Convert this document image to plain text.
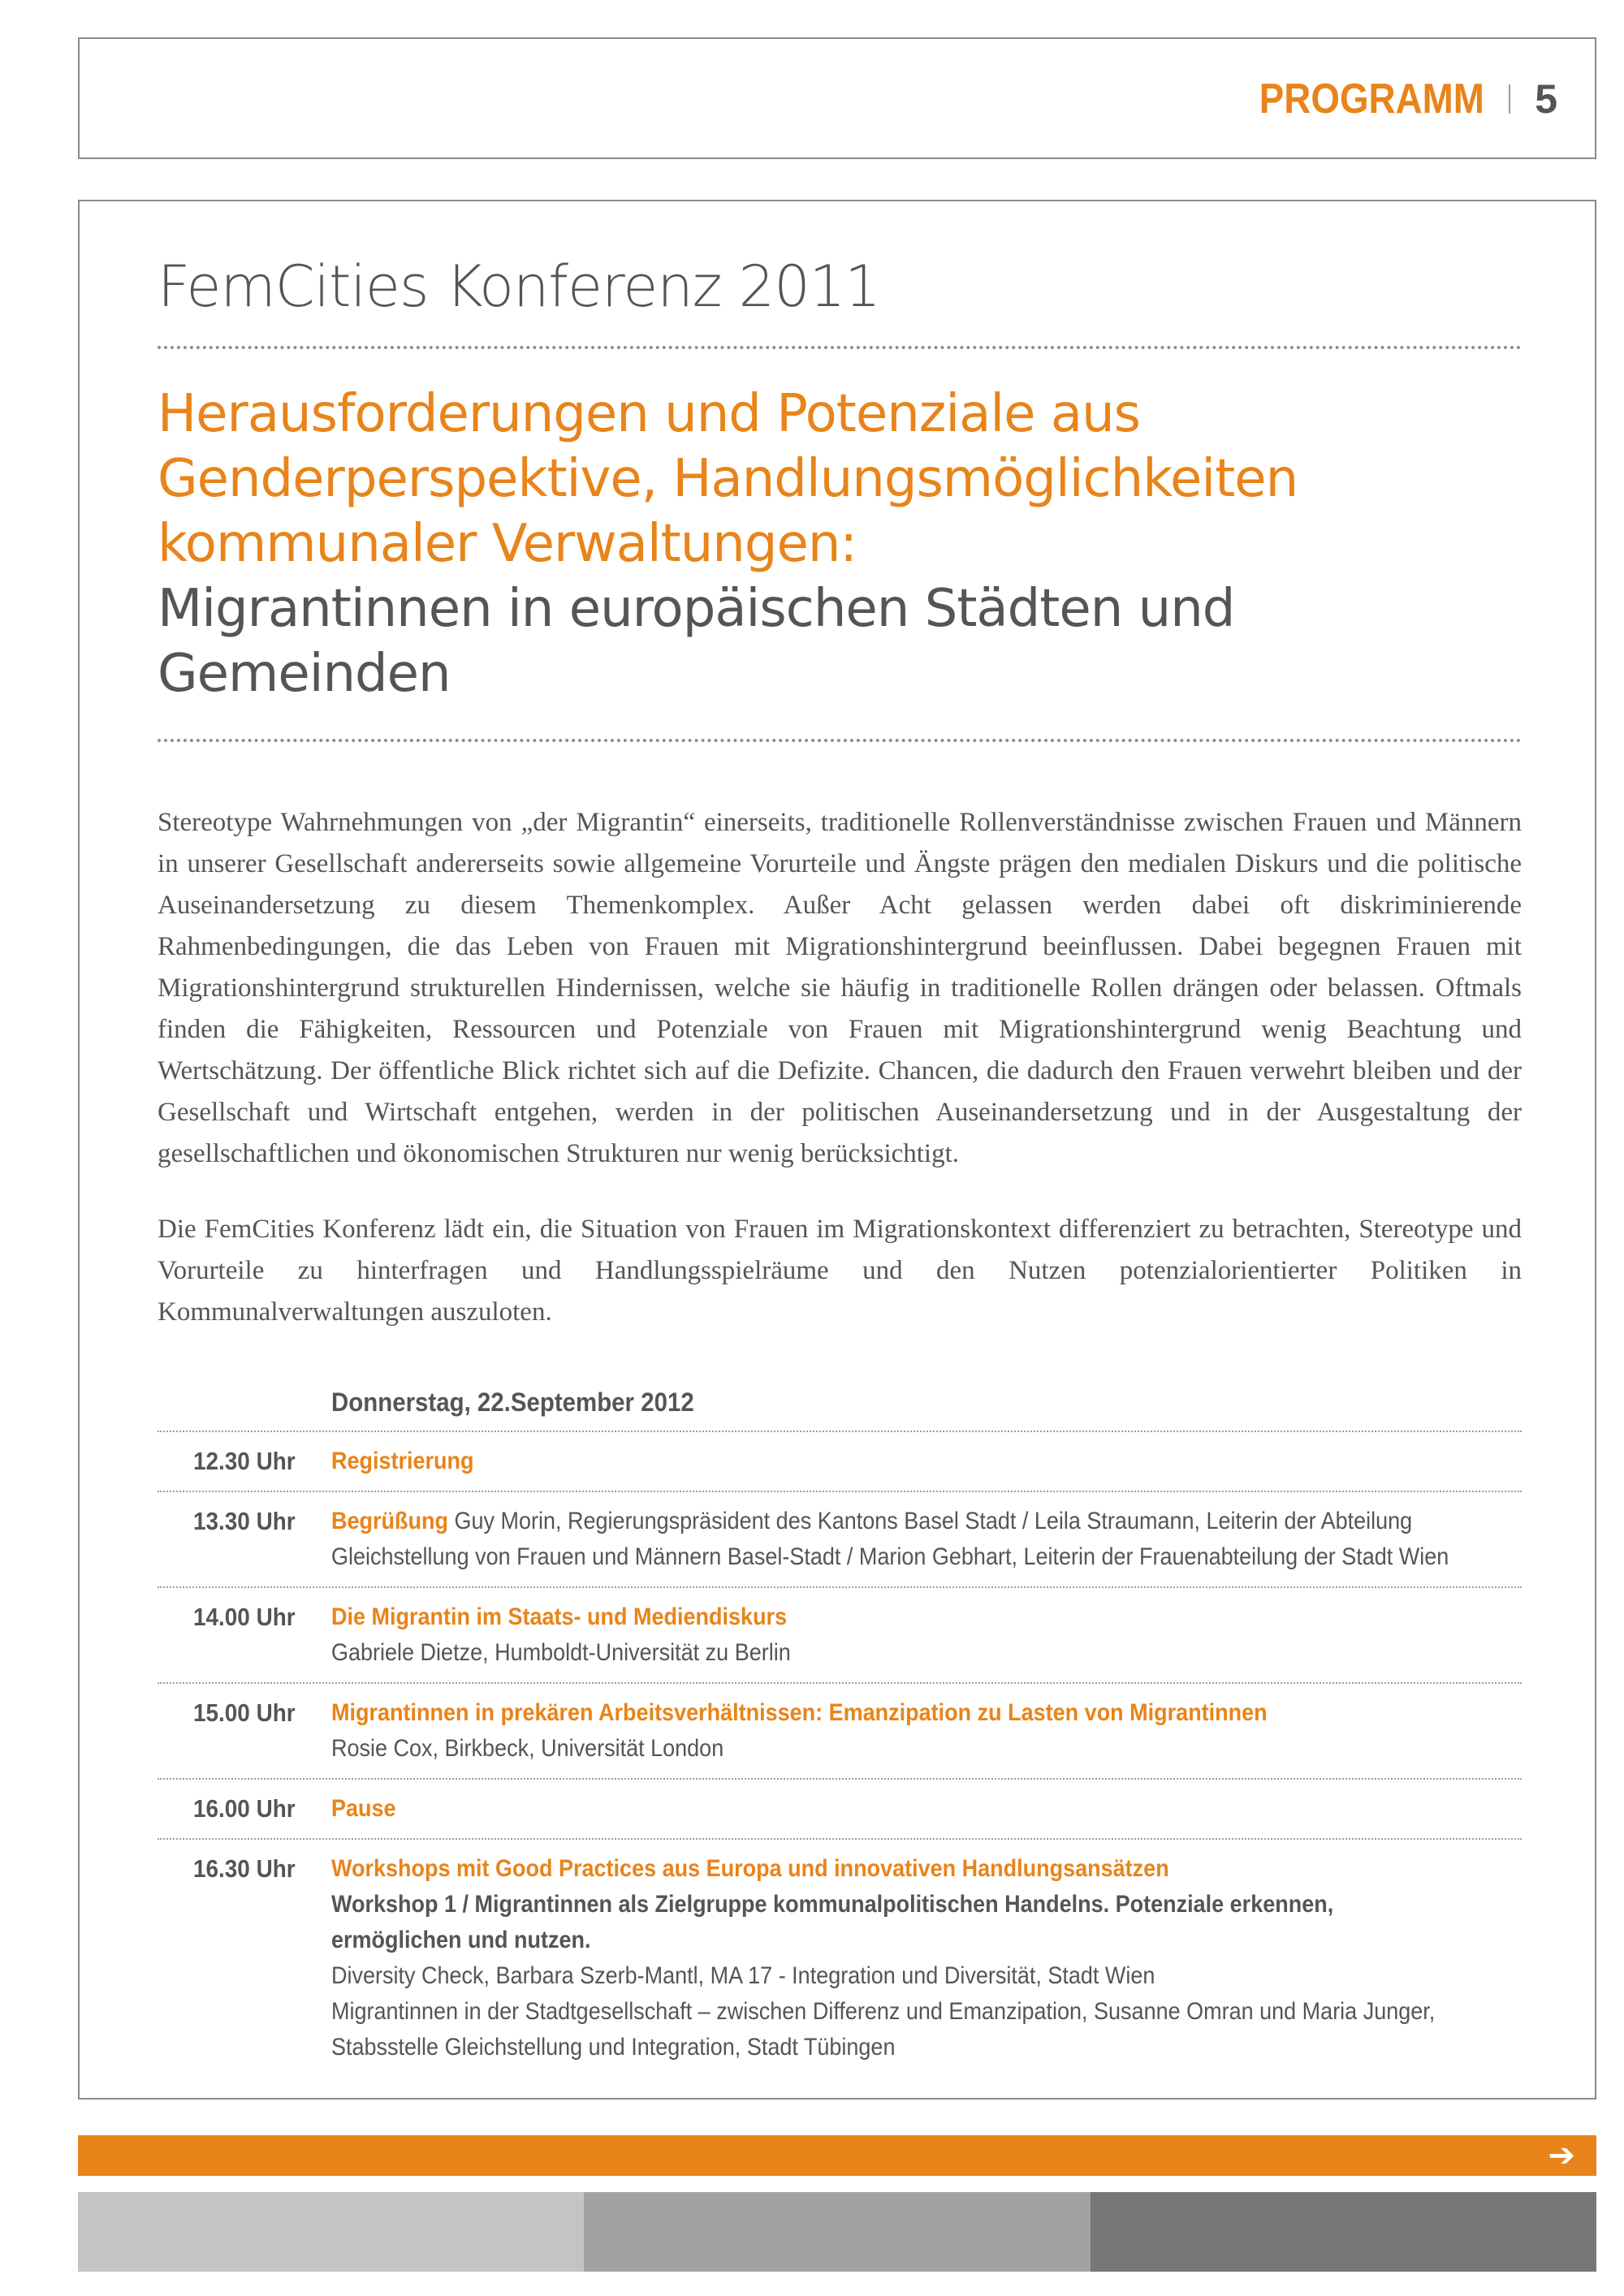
PROGRAMM 5
FemCities Konferenz 2011
Herausforderungen und Potenziale aus
Genderperspektive, Handlungsmöglichkeiten
kommunaler Verwaltungen:
Migrantinnen in europäischen Städten und
Gemeinden

Stereotype Wahrnehmungen von „der Migrantin“ einerseits, traditionelle Rollenverständnisse zwischen Frauen und Männern in unserer Gesellschaft andererseits sowie allgemeine Vorurteile und Ängste prägen den medialen Diskurs und die politische Auseinandersetzung zu diesem Themenkomplex. Außer Acht gelassen werden dabei oft diskriminierende Rahmenbedingungen, die das Leben von Frauen mit Migrationshintergrund beeinflussen. Dabei begegnen Frauen mit Migrationshintergrund strukturellen Hindernissen, welche sie häufig in traditionelle Rollen drängen oder belassen. Oftmals finden die Fähigkeiten, Ressourcen und Potenziale von Frauen mit Migrationshintergrund wenig Beachtung und Wertschätzung. Der öffentliche Blick richtet sich auf die Defizite. Chancen, die dadurch den Frauen verwehrt bleiben und der Gesellschaft und Wirtschaft entgehen, werden in der politischen Auseinandersetzung und in der Ausgestaltung der gesellschaftlichen und ökonomischen Strukturen nur wenig berücksichtigt.

Die FemCities Konferenz lädt ein, die Situation von Frauen im Migrationskontext differenziert zu betrachten, Stereotype und Vorurteile zu hinterfragen und Handlungsspielräume und den Nutzen potenzialorientierter Politiken in Kommunalverwaltungen auszuloten.

Donnerstag, 22.September 2012
12.30 Uhr	Registrierung
13.30 Uhr	Begrüßung Guy Morin, Regierungspräsident des Kantons Basel Stadt / Leila Straumann, Leiterin der Abteilung
Gleichstellung von Frauen und Männern Basel-Stadt / Marion Gebhart, Leiterin der Frauenabteilung der Stadt Wien
14.00 Uhr	Die Migrantin im Staats- und Mediendiskurs
Gabriele Dietze, Humboldt-Universität zu Berlin
15.00 Uhr	Migrantinnen in prekären Arbeitsverhältnissen: Emanzipation zu Lasten von Migrantinnen
Rosie Cox, Birkbeck, Universität London
16.00 Uhr	Pause
16.30 Uhr	Workshops mit Good Practices aus Europa und innovativen Handlungsansätzen
Workshop 1 / Migrantinnen als Zielgruppe kommunalpolitischen Handelns. Potenziale erkennen,
ermöglichen und nutzen.
Diversity Check, Barbara Szerb-Mantl, MA 17 - Integration und Diversität, Stadt Wien
Migrantinnen in der Stadtgesellschaft – zwischen Differenz und Emanzipation, Susanne Omran und Maria Junger,
Stabsstelle Gleichstellung und Integration, Stadt Tübingen
➔
